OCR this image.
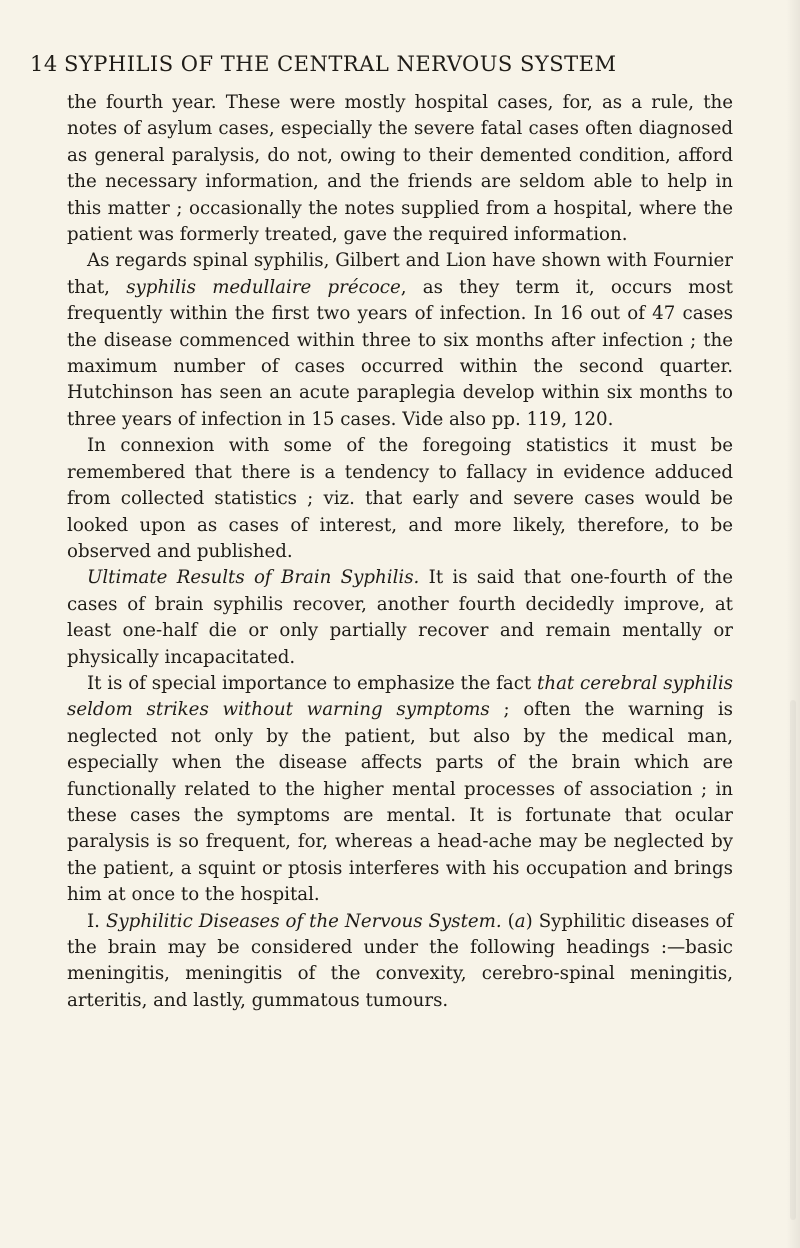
14 SYPHILIS OF THE CENTRAL NERVOUS SYSTEM

the fourth year. These were mostly hospital cases, for, as a rule, the notes of asylum cases, especially the severe fatal cases often diagnosed as general paralysis, do not, owing to their demented condition, afford the necessary information, and the friends are seldom able to help in this matter ; occasionally the notes supplied from a hospital, where the patient was formerly treated, gave the required information.

As regards spinal syphilis, Gilbert and Lion have shown with Fournier that, syphilis medullaire précoce, as they term it, occurs most frequently within the first two years of infection. In 16 out of 47 cases the disease commenced within three to six months after infection ; the maximum number of cases occurred within the second quarter. Hutchinson has seen an acute paraplegia develop within six months to three years of infection in 15 cases. Vide also pp. 119, 120.

In connexion with some of the foregoing statistics it must be remembered that there is a tendency to fallacy in evidence adduced from collected statistics ; viz. that early and severe cases would be looked upon as cases of interest, and more likely, therefore, to be observed and published.

Ultimate Results of Brain Syphilis. It is said that one-fourth of the cases of brain syphilis recover, another fourth decidedly improve, at least one-half die or only partially recover and remain mentally or physically incapacitated.

It is of special importance to emphasize the fact that cerebral syphilis seldom strikes without warning symptoms ; often the warning is neglected not only by the patient, but also by the medical man, especially when the disease affects parts of the brain which are functionally related to the higher mental processes of association ; in these cases the symptoms are mental. It is fortunate that ocular paralysis is so frequent, for, whereas a head-ache may be neglected by the patient, a squint or ptosis interferes with his occupation and brings him at once to the hospital.

I. Syphilitic Diseases of the Nervous System. (a) Syphilitic diseases of the brain may be considered under the following headings :—basic meningitis, meningitis of the convexity, cerebro-spinal meningitis, arteritis, and lastly, gummatous tumours.
